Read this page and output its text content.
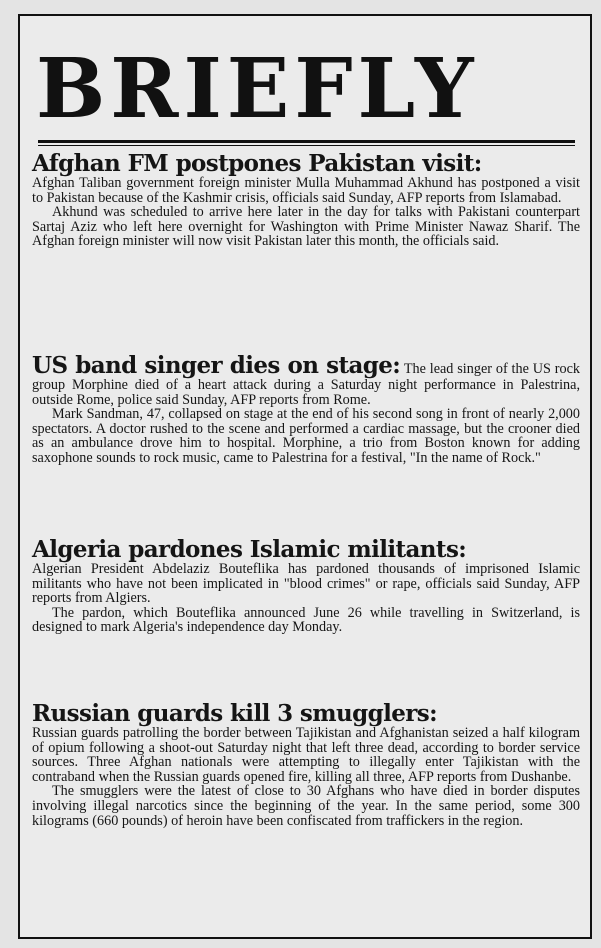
BRIEFLY
Afghan FM postpones Pakistan visit:

Afghan Taliban government foreign minister Mulla Muhammad Akhund has postponed a visit to Pakistan because of the Kashmir crisis, officials said Sunday, AFP reports from Islamabad.

Akhund was scheduled to arrive here later in the day for talks with Pakistani counterpart Sartaj Aziz who left here overnight for Washington with Prime Minister Nawaz Sharif. The Afghan foreign minister will now visit Pakistan later this month, the officials said.

US band singer dies on stage: The lead singer of the US rock group Morphine died of a heart attack during a Saturday night performance in Palestrina, outside Rome, police said Sunday, AFP reports from Rome.

Mark Sandman, 47, collapsed on stage at the end of his second song in front of nearly 2,000 spectators. A doctor rushed to the scene and performed a cardiac massage, but the crooner died as an ambulance drove him to hospital. Morphine, a trio from Boston known for adding saxophone sounds to rock music, came to Palestrina for a festival, "In the name of Rock."

Algeria pardones Islamic militants:

Algerian President Abdelaziz Bouteflika has pardoned thousands of imprisoned Islamic militants who have not been implicated in "blood crimes" or rape, officials said Sunday, AFP reports from Algiers.

The pardon, which Bouteflika announced June 26 while travelling in Switzerland, is designed to mark Algeria's independence day Monday.

Russian guards kill 3 smugglers:

Russian guards patrolling the border between Tajikistan and Afghanistan seized a half kilogram of opium following a shoot-out Saturday night that left three dead, according to border service sources. Three Afghan nationals were attempting to illegally enter Tajikistan with the contraband when the Russian guards opened fire, killing all three, AFP reports from Dushanbe.

The smugglers were the latest of close to 30 Afghans who have died in border disputes involving illegal narcotics since the beginning of the year. In the same period, some 300 kilograms (660 pounds) of heroin have been confiscated from traffickers in the region.
